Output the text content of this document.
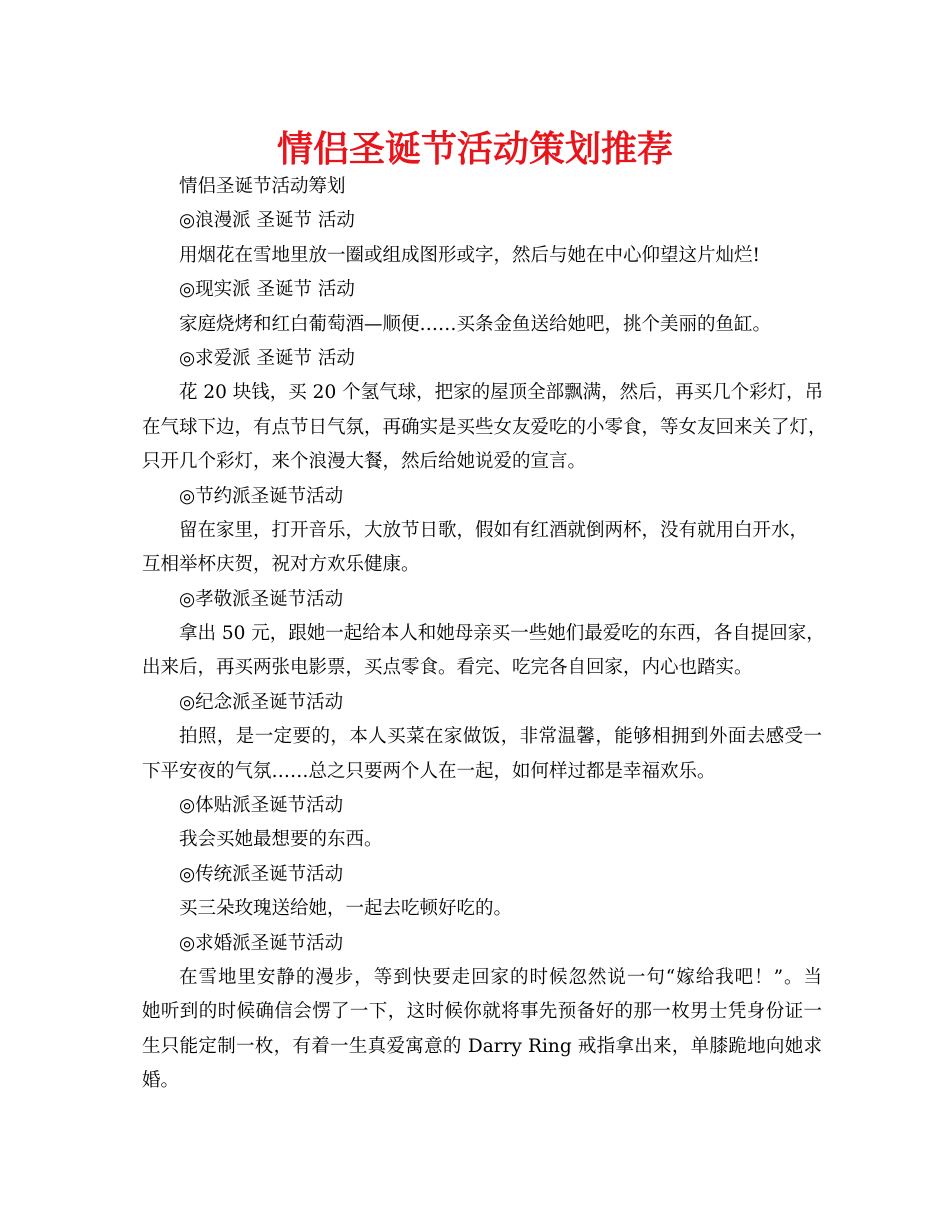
情侣圣诞节活动策划推荐
情侣圣诞节活动筹划
◎浪漫派 圣诞节 活动
用烟花在雪地里放一圈或组成图形或字，然后与她在中心仰望这片灿烂!
◎现实派 圣诞节 活动
家庭烧烤和红白葡萄酒—顺便……买条金鱼送给她吧，挑个美丽的鱼缸。
◎求爱派 圣诞节 活动
花 20 块钱，买 20 个氢气球，把家的屋顶全部飘满，然后，再买几个彩灯，吊
在气球下边，有点节日气氛，再确实是买些女友爱吃的小零食，等女友回来关了灯，
只开几个彩灯，来个浪漫大餐，然后给她说爱的宣言。
◎节约派圣诞节活动
留在家里，打开音乐，大放节日歌，假如有红酒就倒两杯，没有就用白开水，
互相举杯庆贺，祝对方欢乐健康。
◎孝敬派圣诞节活动
拿出 50 元，跟她一起给本人和她母亲买一些她们最爱吃的东西，各自提回家，
出来后，再买两张电影票，买点零食。看完、吃完各自回家，内心也踏实。
◎纪念派圣诞节活动
拍照，是一定要的，本人买菜在家做饭，非常温馨，能够相拥到外面去感受一
下平安夜的气氛……总之只要两个人在一起，如何样过都是幸福欢乐。
◎体贴派圣诞节活动
我会买她最想要的东西。
◎传统派圣诞节活动
买三朵玫瑰送给她，一起去吃顿好吃的。
◎求婚派圣诞节活动
在雪地里安静的漫步，等到快要走回家的时候忽然说一句“嫁给我吧！”。当
她听到的时候确信会愣了一下，这时候你就将事先预备好的那一枚男士凭身份证一
生只能定制一枚，有着一生真爱寓意的 Darry Ring 戒指拿出来，单膝跪地向她求
婚。
